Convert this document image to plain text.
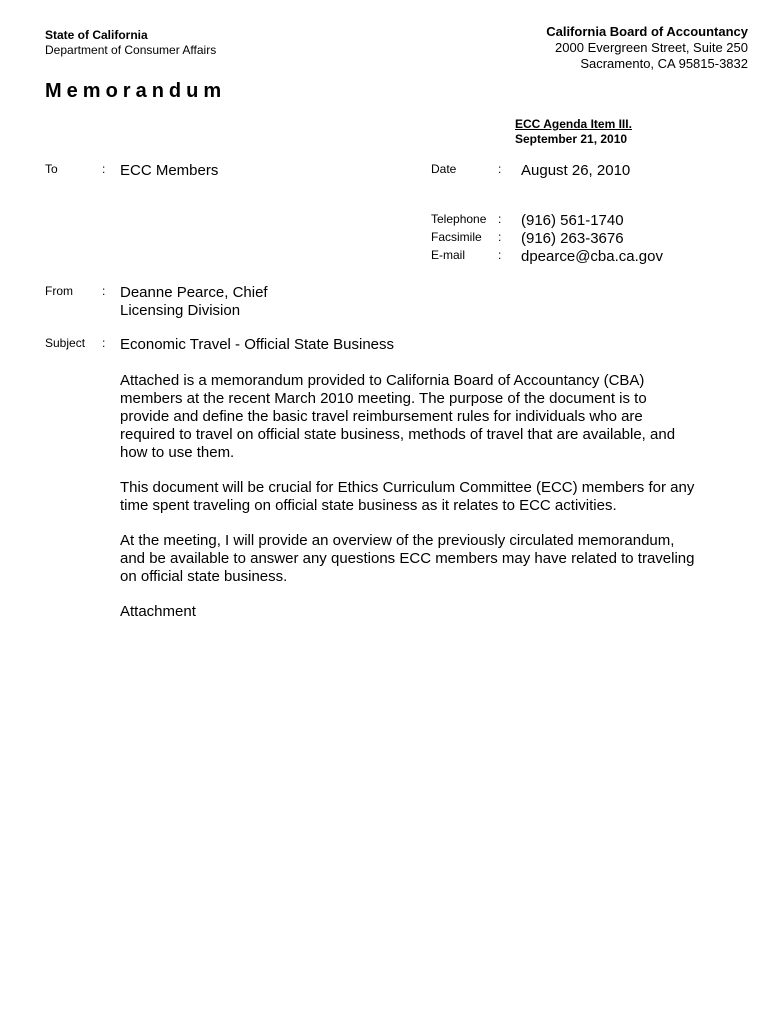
State of California
Department of Consumer Affairs
California Board of Accountancy
2000 Evergreen Street, Suite 250
Sacramento, CA 95815-3832
Memorandum
ECC Agenda Item III.
September 21, 2010
To	: ECC Members	Date	: August 26, 2010
Telephone : (916) 561-1740
Facsimile : (916) 263-3676
E-mail	: dpearce@cba.ca.gov
From : Deanne Pearce, Chief
Licensing Division
Subject : Economic Travel - Official State Business

Attached is a memorandum provided to California Board of Accountancy (CBA) members at the recent March 2010 meeting. The purpose of the document is to provide and define the basic travel reimbursement rules for individuals who are required to travel on official state business, methods of travel that are available, and how to use them.

This document will be crucial for Ethics Curriculum Committee (ECC) members for any time spent traveling on official state business as it relates to ECC activities.

At the meeting, I will provide an overview of the previously circulated memorandum, and be available to answer any questions ECC members may have related to traveling on official state business.

Attachment
